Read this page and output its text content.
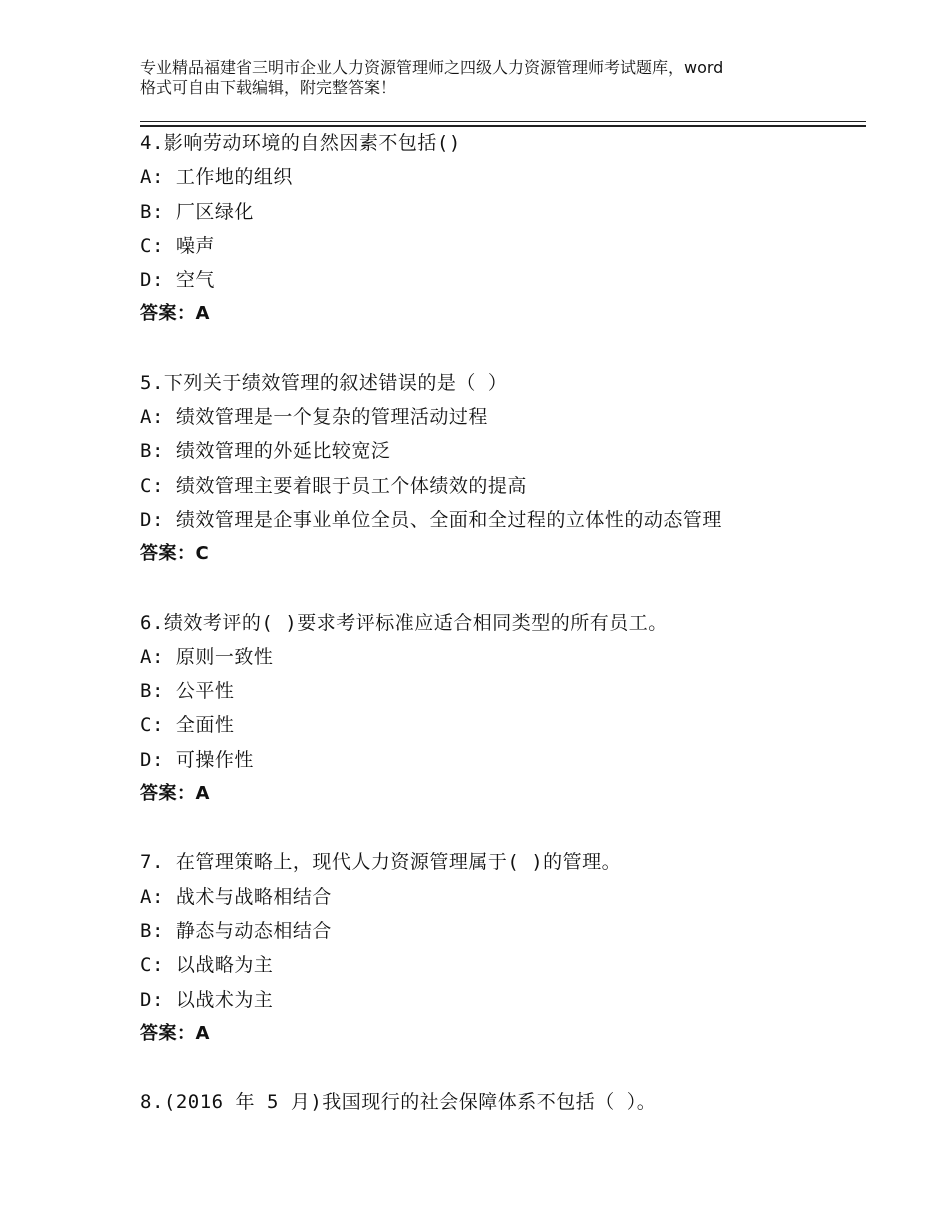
专业精品福建省三明市企业人力资源管理师之四级人力资源管理师考试题库，word
格式可自由下载编辑，附完整答案！
4.影响劳动环境的自然因素不包括()
A: 工作地的组织
B: 厂区绿化
C: 噪声
D: 空气
答案：A
5.下列关于绩效管理的叙述错误的是（ ）
A: 绩效管理是一个复杂的管理活动过程
B: 绩效管理的外延比较宽泛
C: 绩效管理主要着眼于员工个体绩效的提高
D: 绩效管理是企事业单位全员、全面和全过程的立体性的动态管理
答案：C
6.绩效考评的( )要求考评标准应适合相同类型的所有员工。
A: 原则一致性
B: 公平性
C: 全面性
D: 可操作性
答案：A
7. 在管理策略上，现代人力资源管理属于( )的管理。
A: 战术与战略相结合
B: 静态与动态相结合
C: 以战略为主
D: 以战术为主
答案：A
8.(2016 年 5 月)我国现行的社会保障体系不包括（ ）。
